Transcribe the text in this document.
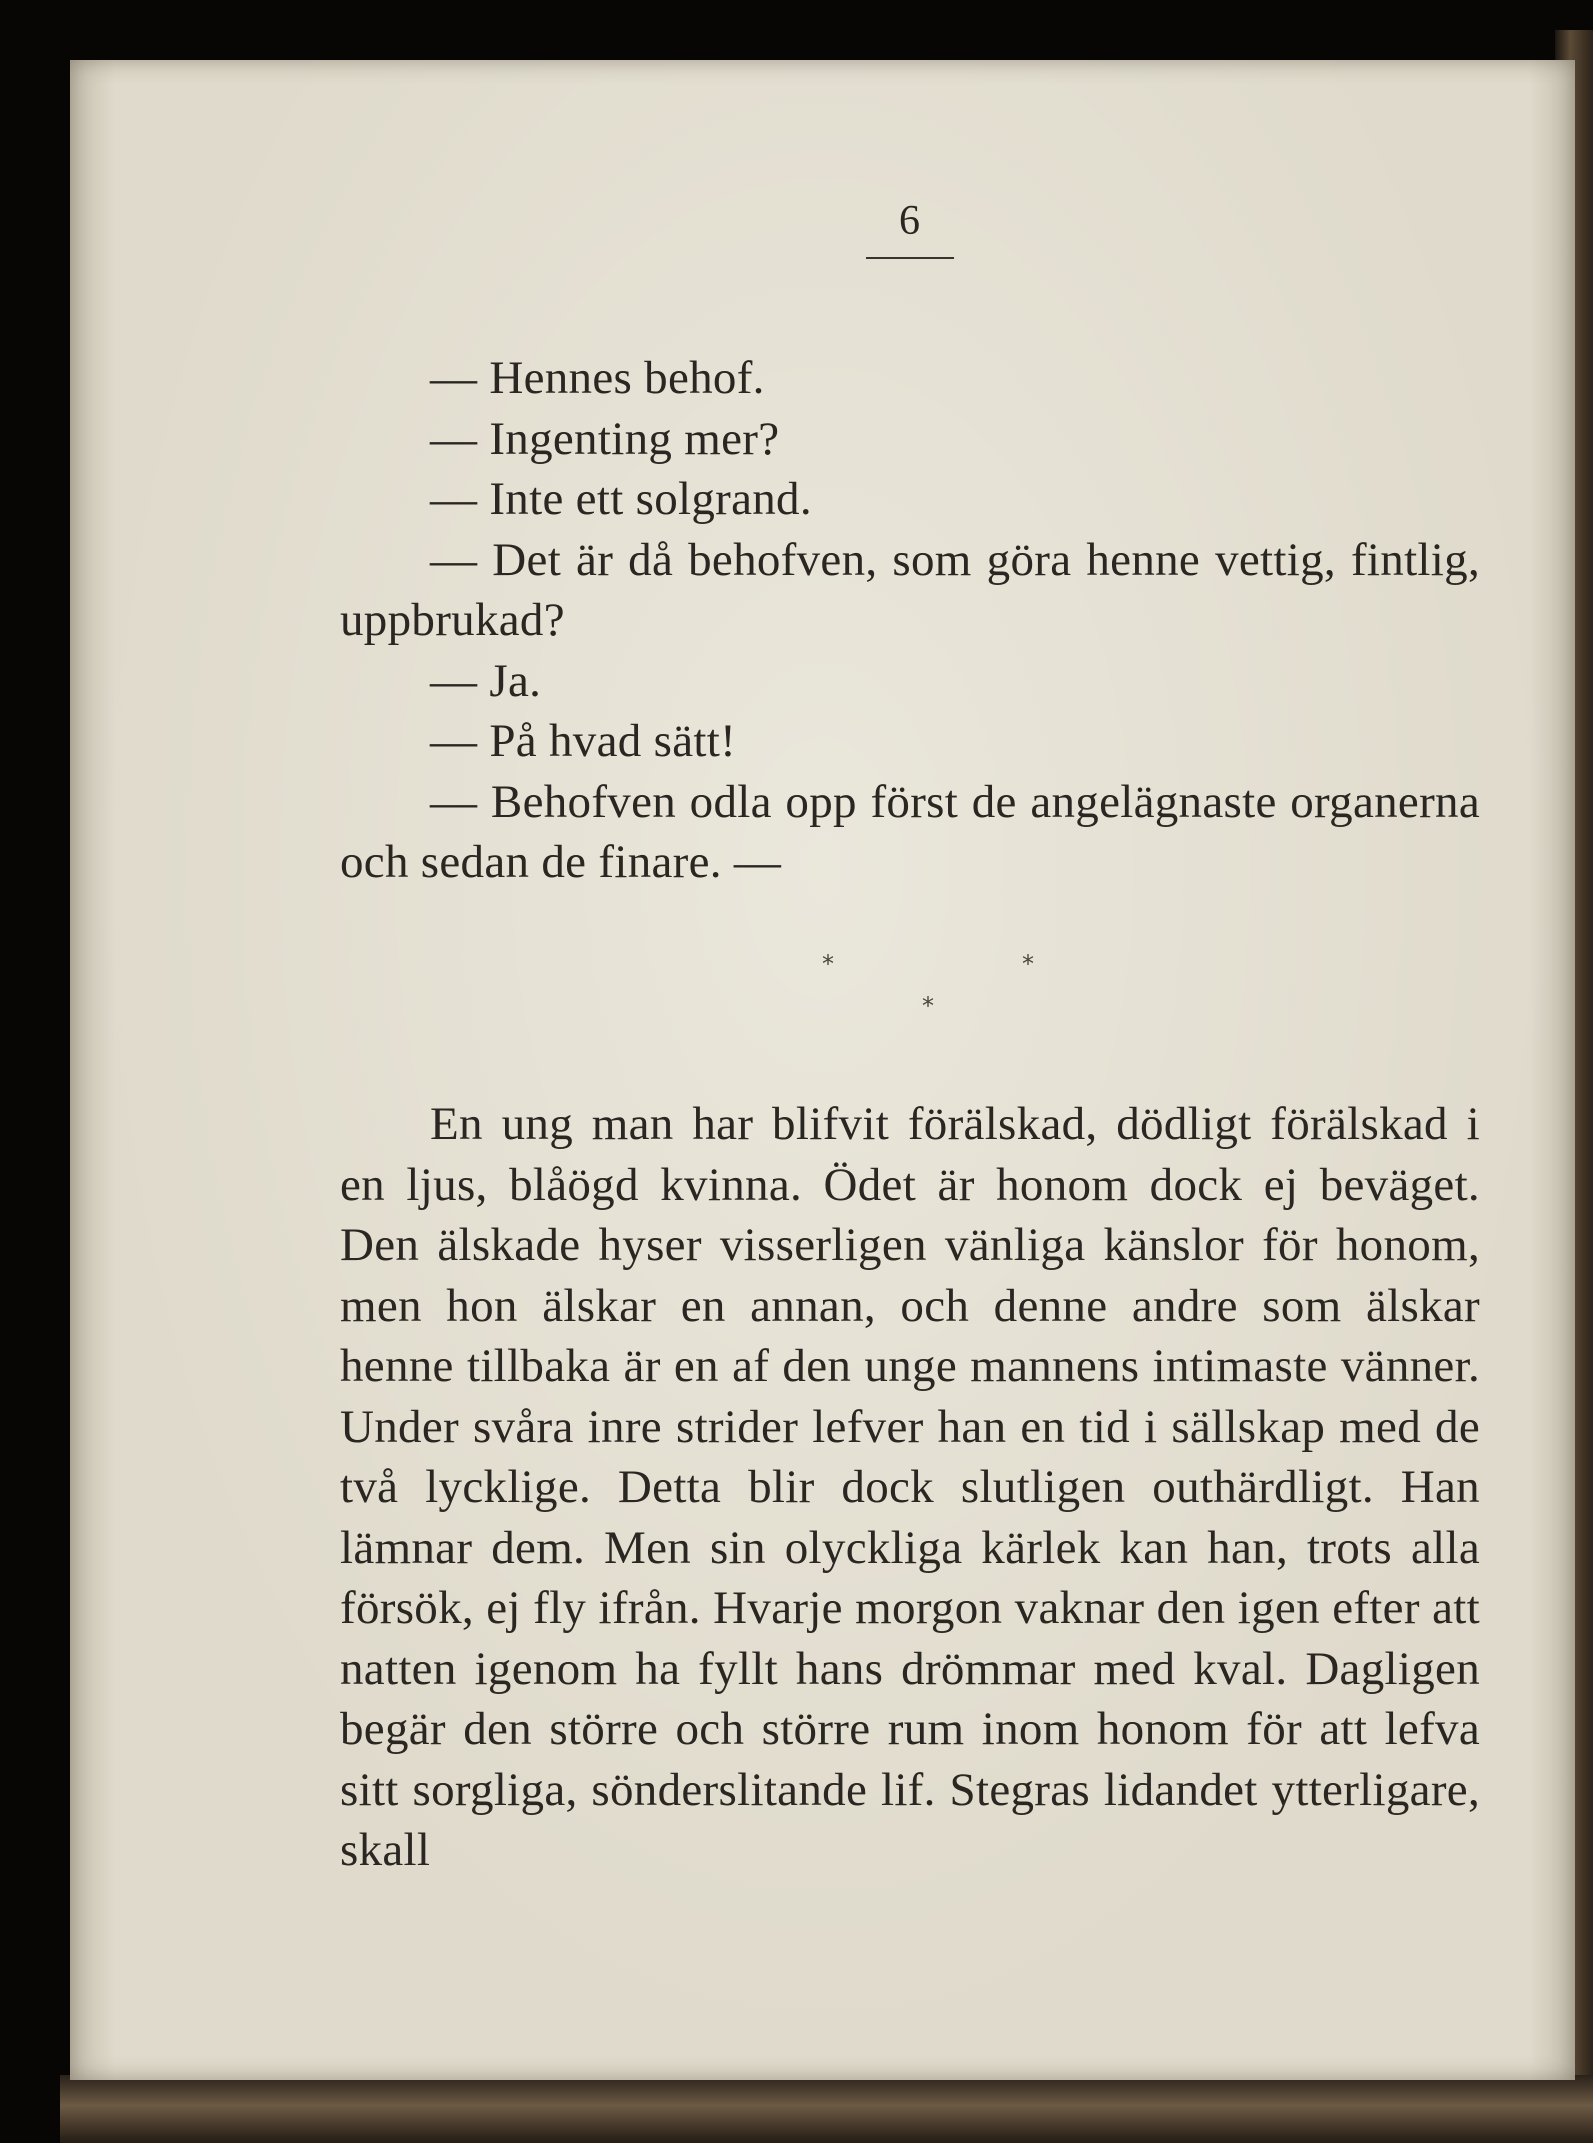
6

— Hennes behof.

— Ingenting mer?

— Inte ett solgrand.

— Det är då behofven, som göra henne vettig, fintlig, uppbrukad?

— Ja.

— På hvad sätt!

— Behofven odla opp först de angelägnaste organerna och sedan de finare. —

*	*
*

En ung man har blifvit förälskad, dödligt förälskad i en ljus, blåögd kvinna. Ödet är honom dock ej beväget. Den älskade hyser visserligen vänliga känslor för honom, men hon älskar en annan, och denne andre som älskar henne tillbaka är en af den unge mannens intimaste vänner. Under svåra inre strider lefver han en tid i sällskap med de två lycklige. Detta blir dock slutligen outhärdligt. Han lämnar dem. Men sin olyckliga kärlek kan han, trots alla försök, ej fly ifrån. Hvarje morgon vaknar den igen efter att natten igenom ha fyllt hans drömmar med kval. Dagligen begär den större och större rum inom honom för att lefva sitt sorgliga, sönderslitande lif. Stegras lidandet ytterligare, skall
